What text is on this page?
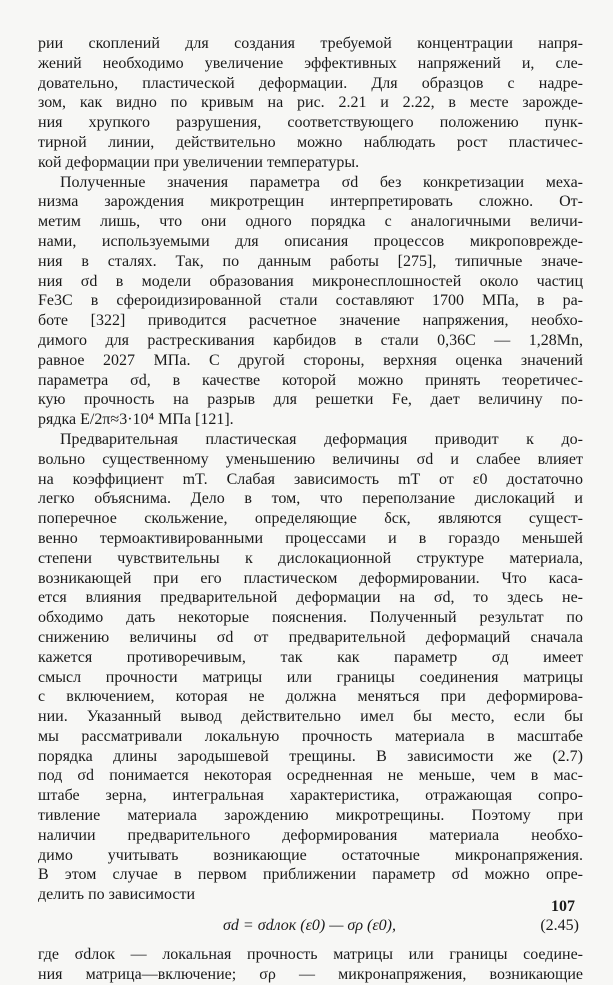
рии скоплений для создания требуемой концентрации напря-
жений необходимо увеличение эффективных напряжений и, сле-
довательно, пластической деформации. Для образцов с надре-
зом, как видно по кривым на рис. 2.21 и 2.22, в месте зарожде-
ния хрупкого разрушения, соответствующего положению пунк-
тирной линии, действительно можно наблюдать рост пластичес-
кой деформации при увеличении температуры.
Полученные значения параметра σd без конкретизации меха-
низма зарождения микротрещин интерпретировать сложно. От-
метим лишь, что они одного порядка с аналогичными величи-
нами, используемыми для описания процессов микроповрежде-
ния в сталях. Так, по данным работы [275], типичные значе-
ния σd в модели образования микронесплошностей около частиц
Fe3C в сфероидизированной стали составляют 1700 МПа, в ра-
боте [322] приводится расчетное значение напряжения, необхо-
димого для растрескивания карбидов в стали 0,36С — 1,28Mn,
равное 2027 МПа. С другой стороны, верхняя оценка значений
параметра σd, в качестве которой можно принять теоретичес-
кую прочность на разрыв для решетки Fe, дает величину по-
рядка E/2π≈3·10⁴ МПа [121].
Предварительная пластическая деформация приводит к до-
вольно существенному уменьшению величины σd и слабее влияет
на коэффициент mT. Слабая зависимость mT от ε0 достаточно
легко объяснима. Дело в том, что переползание дислокаций и
поперечное скольжение, определяющие δск, являются сущест-
венно термоактивированными процессами и в гораздо меньшей
степени чувствительны к дислокационной структуре материала,
возникающей при его пластическом деформировании. Что каса-
ется влияния предварительной деформации на σd, то здесь не-
обходимо дать некоторые пояснения. Полученный результат по
снижению величины σd от предварительной деформаций сначала
кажется противоречивым, так как параметр σд имеет
смысл прочности матрицы или границы соединения матрицы
с включением, которая не должна меняться при деформирова-
нии. Указанный вывод действительно имел бы место, если бы
мы рассматривали локальную прочность материала в масштабе
порядка длины зародышевой трещины. В зависимости же (2.7)
под σd понимается некоторая осредненная не меньше, чем в мас-
штабе зерна, интегральная характеристика, отражающая сопро-
тивление материала зарождению микротрещины. Поэтому при
наличии предварительного деформирования материала необхо-
димо учитывать возникающие остаточные микронапряжения.
В этом случае в первом приближении параметр σd можно опре-
делить по зависимости
σd = σdлок (ε0) — σρ (ε0),	(2.45)
где σdлок — локальная прочность матрицы или границы соедине-
ния матрица—включение; σρ — микронапряжения, возникающие
107
